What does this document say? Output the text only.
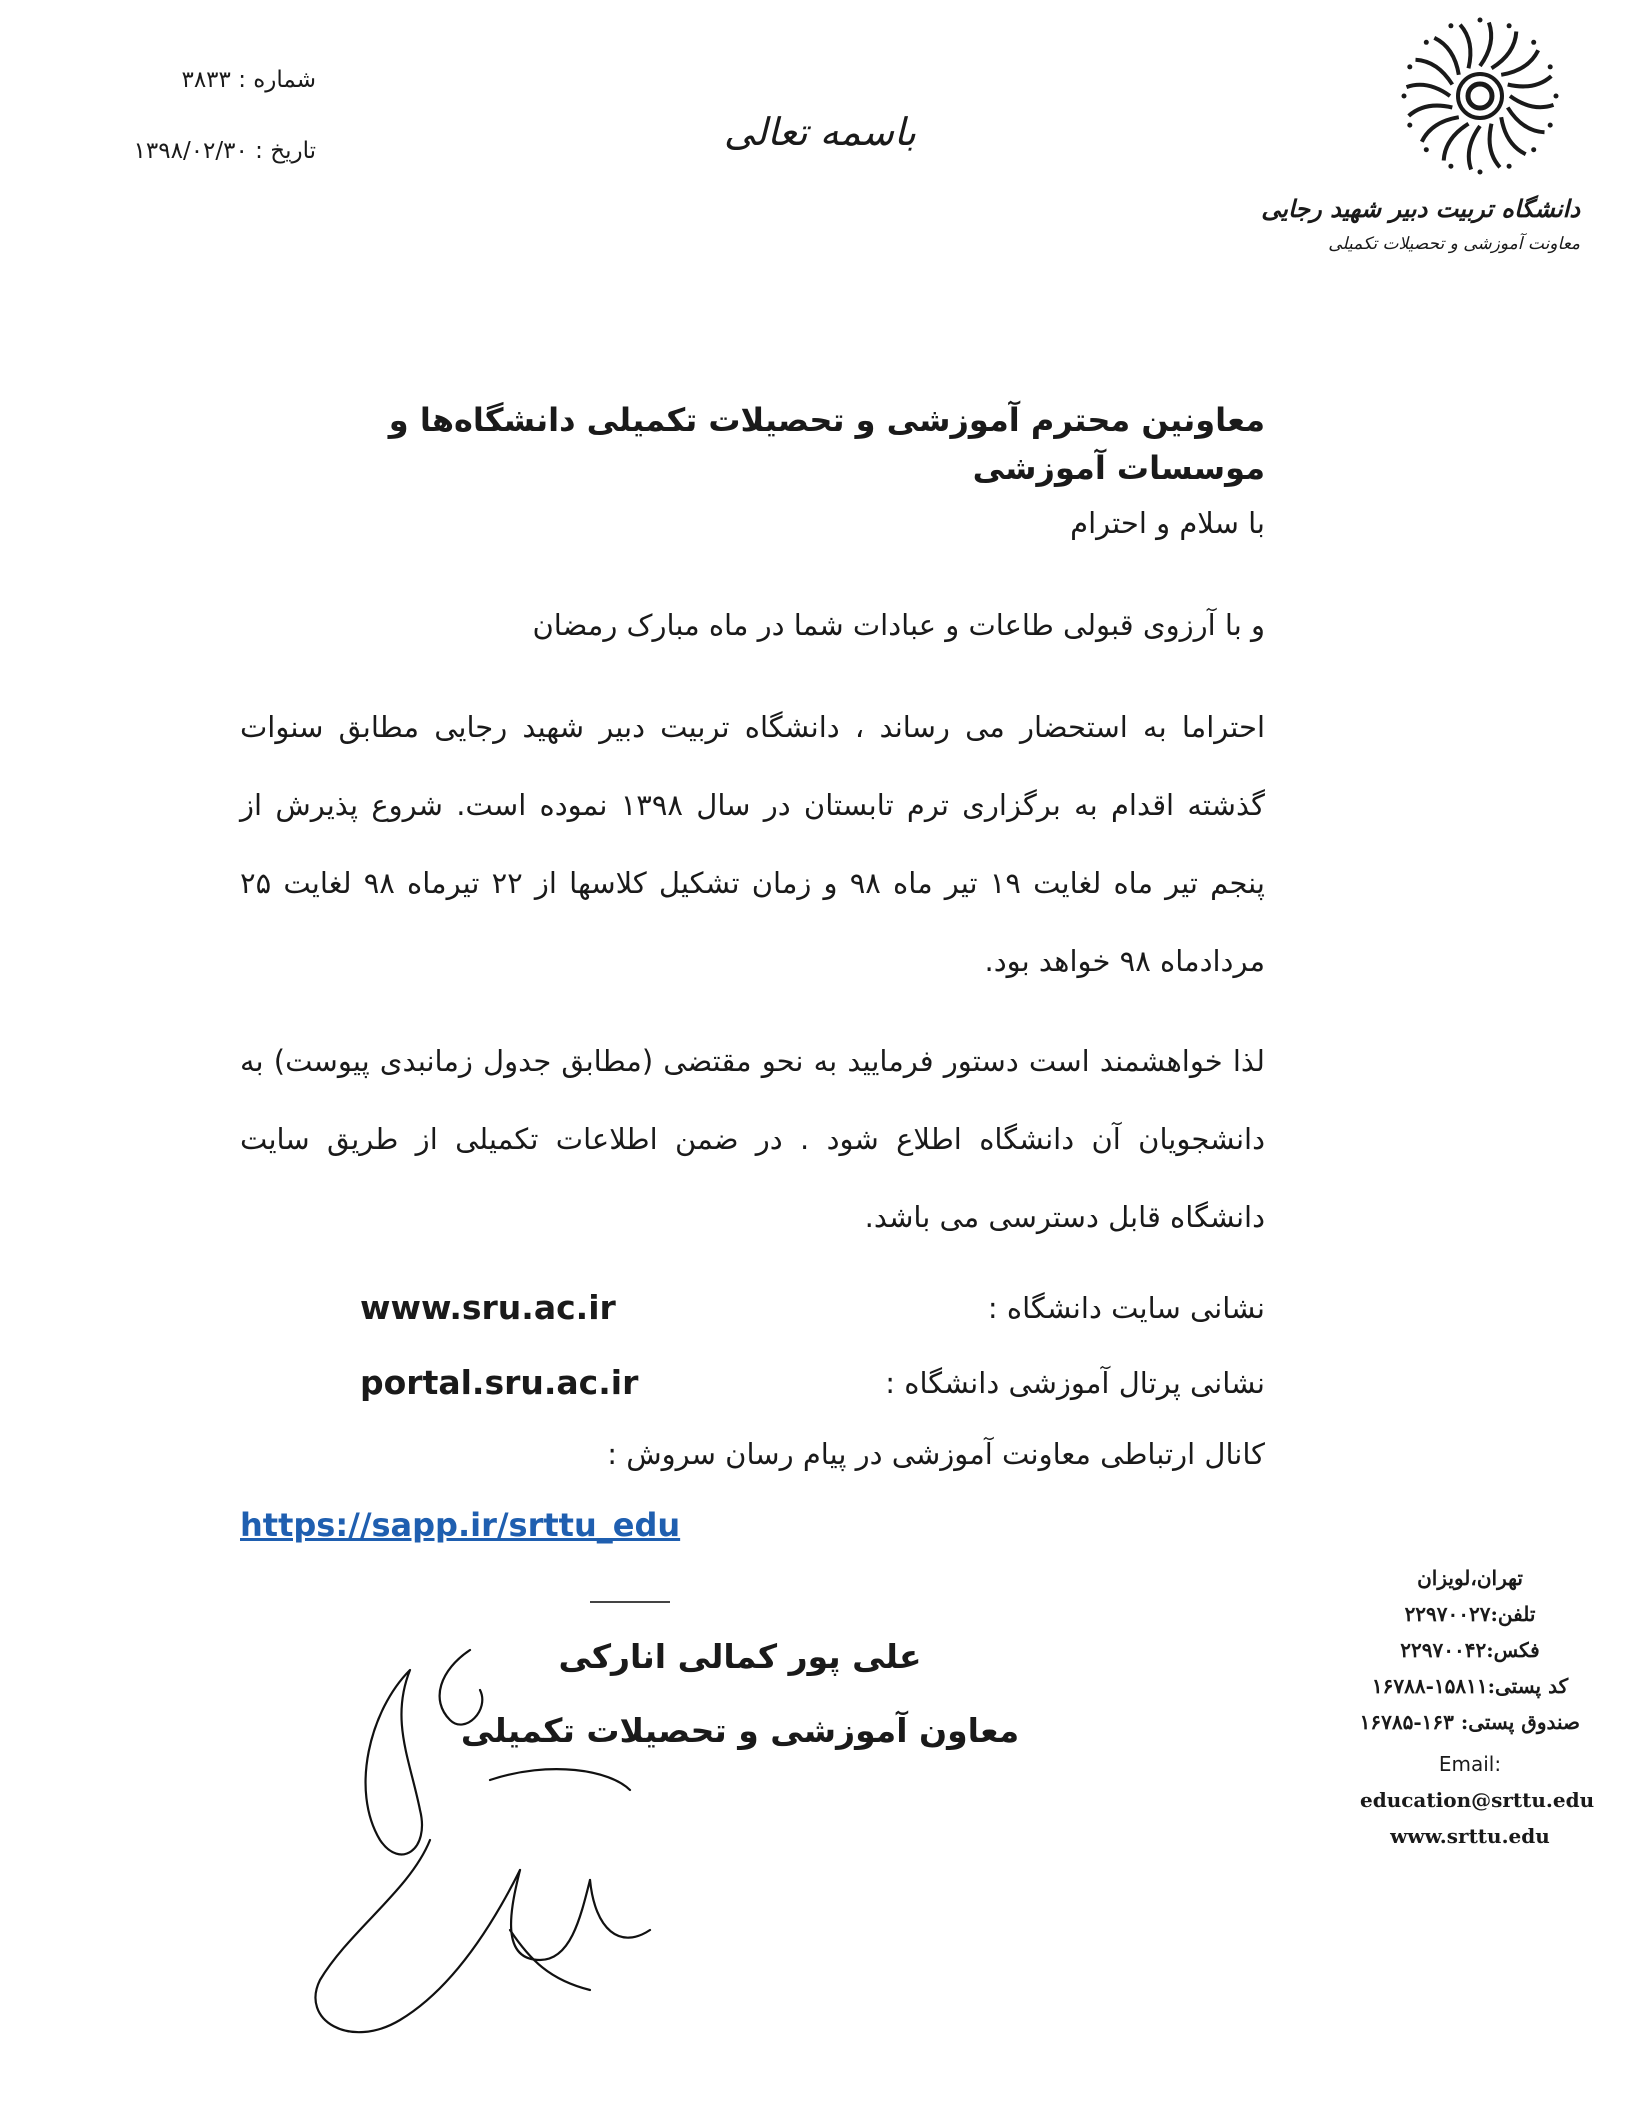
شماره : ۳۸۳۳
تاریخ : ۱۳۹۸/۰۲/۳۰	باسمه تعالی
دانشگاه تربیت دبیر شهید رجایی
معاونت آموزشی و تحصیلات تکمیلی
معاونین محترم آموزشی و تحصیلات تکمیلی دانشگاه‌ها و موسسات آموزشی
با سلام و احترام
و با آرزوی قبولی طاعات و عبادات شما در ماه مبارک رمضان
احتراما به استحضار می رساند ، دانشگاه تربیت دبیر شهید رجایی مطابق سنوات گذشته اقدام به برگزاری ترم تابستان در سال ۱۳۹۸ نموده است. شروع پذیرش از پنجم تیر ماه لغایت ۱۹ تیر ماه ۹۸ و زمان تشکیل کلاسها از ۲۲ تیرماه ۹۸ لغایت ۲۵ مردادماه ۹۸ خواهد بود.
لذا خواهشمند است دستور فرمایید به نحو مقتضی (مطابق جدول زمانبدی پیوست) به دانشجویان آن دانشگاه اطلاع شود . در ضمن اطلاعات تکمیلی از طریق سایت دانشگاه قابل دسترسی می باشد.
نشانی سایت دانشگاه :
www.sru.ac.ir
نشانی پرتال آموزشی دانشگاه :
portal.sru.ac.ir
کانال ارتباطی معاونت آموزشی در پیام رسان سروش :
https://sapp.ir/srttu_edu
علی پور کمالی انارکی
معاون آموزشی و تحصیلات تکمیلی
تهران،لویزان
تلفن:۲۲۹۷۰۰۲۷
فکس:۲۲۹۷۰۰۴۲
کد پستی:۱۵۸۱۱-۱۶۷۸۸
صندوق پستی: ۱۶۳-۱۶۷۸۵
Email:
education@srttu.edu
www.srttu.edu
